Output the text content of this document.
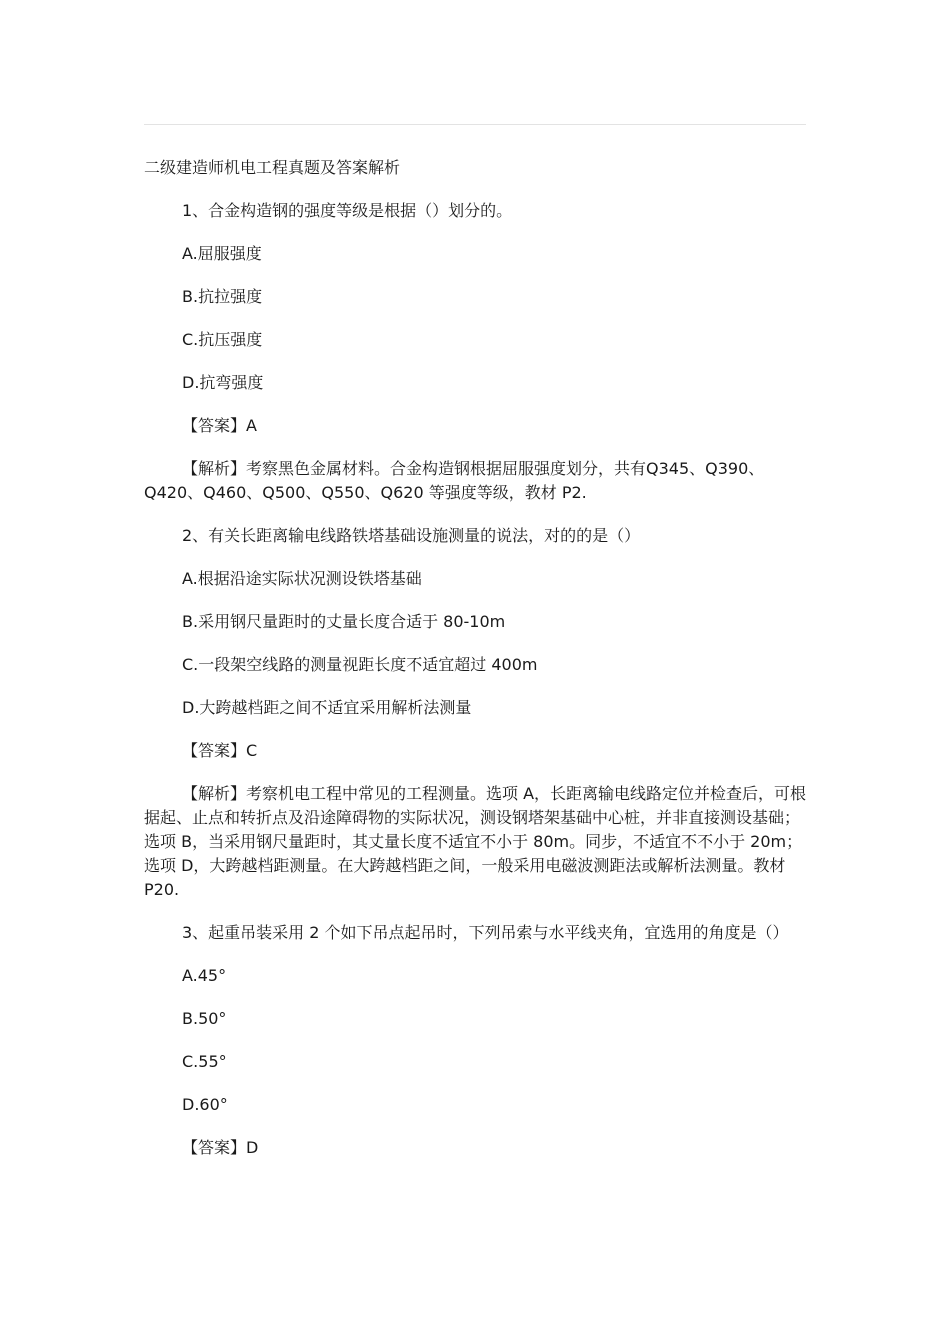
二级建造师机电工程真题及答案解析
1、合金构造钢的强度等级是根据（）划分的。
A.屈服强度
B.抗拉强度
C.抗压强度
D.抗弯强度
【答案】A
【解析】考察黑色金属材料。合金构造钢根据屈服强度划分，共有Q345、Q390、Q420、Q460、Q500、Q550、Q620 等强度等级，教材 P2.
2、有关长距离输电线路铁塔基础设施测量的说法，对的的是（）
A.根据沿途实际状况测设铁塔基础
B.采用钢尺量距时的丈量长度合适于 80-10m
C.一段架空线路的测量视距长度不适宜超过 400m
D.大跨越档距之间不适宜采用解析法测量
【答案】C
【解析】考察机电工程中常见的工程测量。选项 A，长距离输电线路定位并检查后，可根据起、止点和转折点及沿途障碍物的实际状况，测设钢塔架基础中心桩，并非直接测设基础；选项 B，当采用钢尺量距时，其丈量长度不适宜不小于 80m。同步，不适宜不不小于 20m；选项 D，大跨越档距测量。在大跨越档距之间，一般采用电磁波测距法或解析法测量。教材 P20.
3、起重吊装采用 2 个如下吊点起吊时，下列吊索与水平线夹角，宜选用的角度是（）
A.45°
B.50°
C.55°
D.60°
【答案】D
